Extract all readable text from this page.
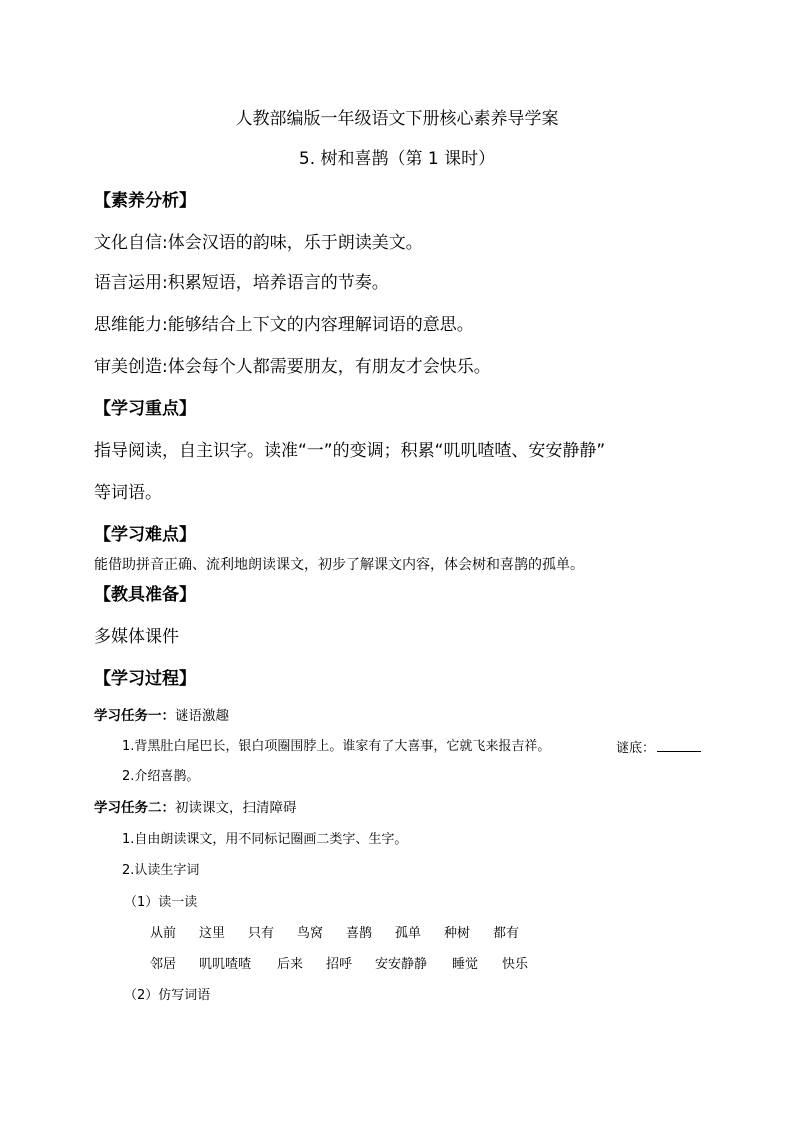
人教部编版一年级语文下册核心素养导学案
5. 树和喜鹊（第 1 课时）
【素养分析】
文化自信:体会汉语的韵味，乐于朗读美文。
语言运用:积累短语，培养语言的节奏。
思维能力:能够结合上下文的内容理解词语的意思。
审美创造:体会每个人都需要朋友，有朋友才会快乐。
【学习重点】
指导阅读，自主识字。读准“一”的变调；积累“叽叽喳喳、安安静静”
等词语。
【学习难点】
能借助拼音正确、流利地朗读课文，初步了解课文内容，体会树和喜鹊的孤单。
【教具准备】
多媒体课件
【学习过程】
学习任务一：谜语激趣
1.背黑肚白尾巴长，银白项圈围脖上。谁家有了大喜事，它就飞来报吉祥。	谜底：
2.介绍喜鹊。
学习任务二：初读课文，扫清障碍
1.自由朗读课文，用不同标记圈画二类字、生字。
2.认读生字词
（1）读一读
从前 这里 只有 鸟窝 喜鹊 孤单 种树 都有
邻居 叽叽喳喳 后来 招呼 安安静静 睡觉 快乐
（2）仿写词语
